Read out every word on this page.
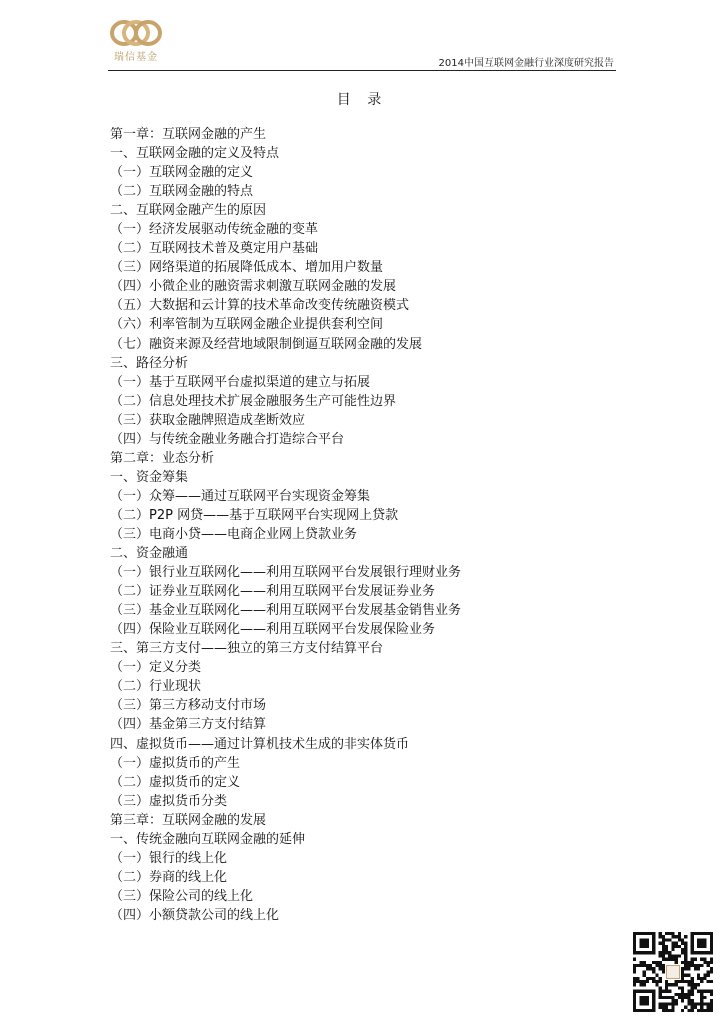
瑞信基金
2014中国互联网金融行业深度研究报告
目 录
第一章：互联网金融的产生
一、互联网金融的定义及特点
（一）互联网金融的定义
（二）互联网金融的特点
二、互联网金融产生的原因
（一）经济发展驱动传统金融的变革
（二）互联网技术普及奠定用户基础
（三）网络渠道的拓展降低成本、增加用户数量
（四）小微企业的融资需求刺激互联网金融的发展
（五）大数据和云计算的技术革命改变传统融资模式
（六）利率管制为互联网金融企业提供套利空间
（七）融资来源及经营地域限制倒逼互联网金融的发展
三、路径分析
（一）基于互联网平台虚拟渠道的建立与拓展
（二）信息处理技术扩展金融服务生产可能性边界
（三）获取金融牌照造成垄断效应
（四）与传统金融业务融合打造综合平台
第二章：业态分析
一、资金筹集
（一）众筹——通过互联网平台实现资金筹集
（二）P2P 网贷——基于互联网平台实现网上贷款
（三）电商小贷——电商企业网上贷款业务
二、资金融通
（一）银行业互联网化——利用互联网平台发展银行理财业务
（二）证券业互联网化——利用互联网平台发展证券业务
（三）基金业互联网化——利用互联网平台发展基金销售业务
（四）保险业互联网化——利用互联网平台发展保险业务
三、第三方支付——独立的第三方支付结算平台
（一）定义分类
（二）行业现状
（三）第三方移动支付市场
（四）基金第三方支付结算
四、虚拟货币——通过计算机技术生成的非实体货币
（一）虚拟货币的产生
（二）虚拟货币的定义
（三）虚拟货币分类
第三章：互联网金融的发展
一、传统金融向互联网金融的延伸
（一）银行的线上化
（二）券商的线上化
（三）保险公司的线上化
（四）小额贷款公司的线上化
